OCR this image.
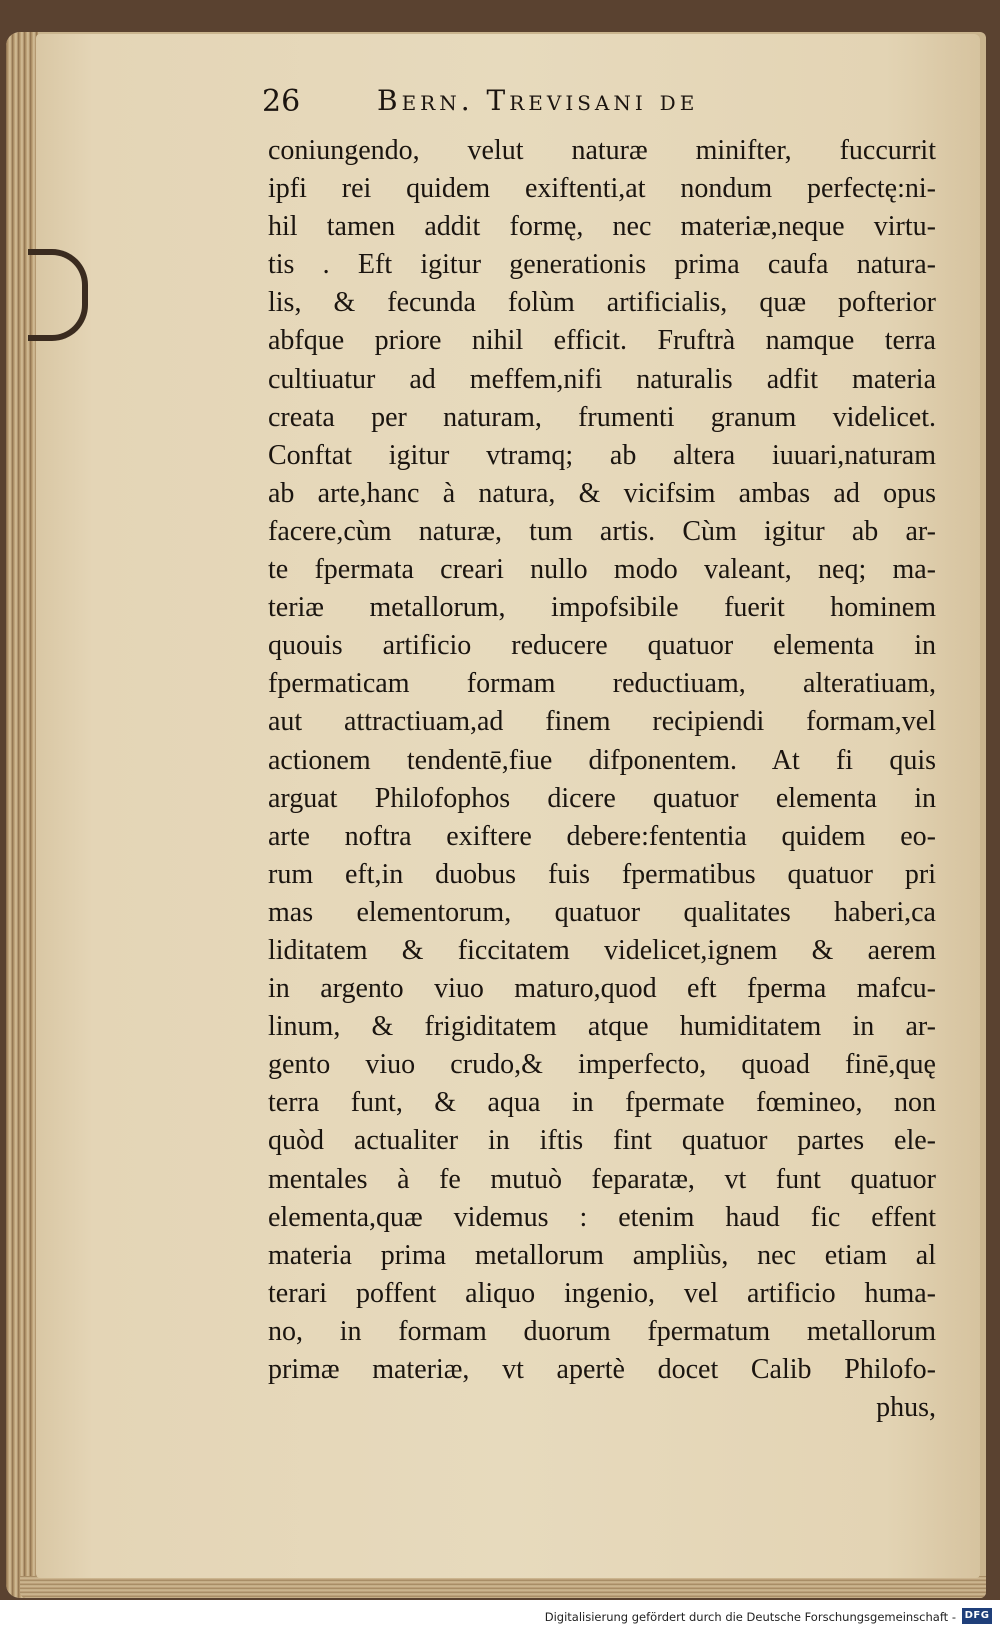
26	Bern. Trevisani de
coniungendo, velut naturæ minifter, fuccurrit
ipfi rei quidem exiftenti,at nondum perfectę:ni-
hil tamen addit formę, nec materiæ,neque virtu-
tis . Eft igitur generationis prima caufa natura-
lis, & fecunda folùm artificialis, quæ pofterior
abfque priore nihil efficit. Fruftrà namque terra
cultiuatur ad meffem,nifi naturalis adfit materia
creata per naturam, frumenti granum videlicet.
Conftat igitur vtramq; ab altera iuuari,naturam
ab arte,hanc à natura, & vicifsim ambas ad opus
facere,cùm naturæ, tum artis. Cùm igitur ab ar-
te fpermata creari nullo modo valeant, neq; ma-
teriæ metallorum, impofsibile fuerit hominem
quouis artificio reducere quatuor elementa in
fpermaticam formam reductiuam, alteratiuam,
aut attractiuam,ad finem recipiendi formam,vel
actionem tendentē,fiue difponentem. At fi quis
arguat Philofophos dicere quatuor elementa in
arte noftra exiftere debere:fententia quidem eo-
rum eft,in duobus fuis fpermatibus quatuor pri
mas elementorum, quatuor qualitates haberi,ca
liditatem & ficcitatem videlicet,ignem & aerem
in argento viuo maturo,quod eft fperma mafcu-
linum, & frigiditatem atque humiditatem in ar-
gento viuo crudo,& imperfecto, quoad finē,quę
terra funt, & aqua in fpermate fœmineo, non
quòd actualiter in iftis fint quatuor partes ele-
mentales à fe mutuò feparatæ, vt funt quatuor
elementa,quæ videmus : etenim haud fic effent
materia prima metallorum ampliùs, nec etiam al
terari poffent aliquo ingenio, vel artificio huma-
no, in formam duorum fpermatum metallorum
primæ materiæ, vt apertè docet Calib Philofo-
phus,
Digitalisierung gefördert durch die Deutsche Forschungsgemeinschaft - DFG
